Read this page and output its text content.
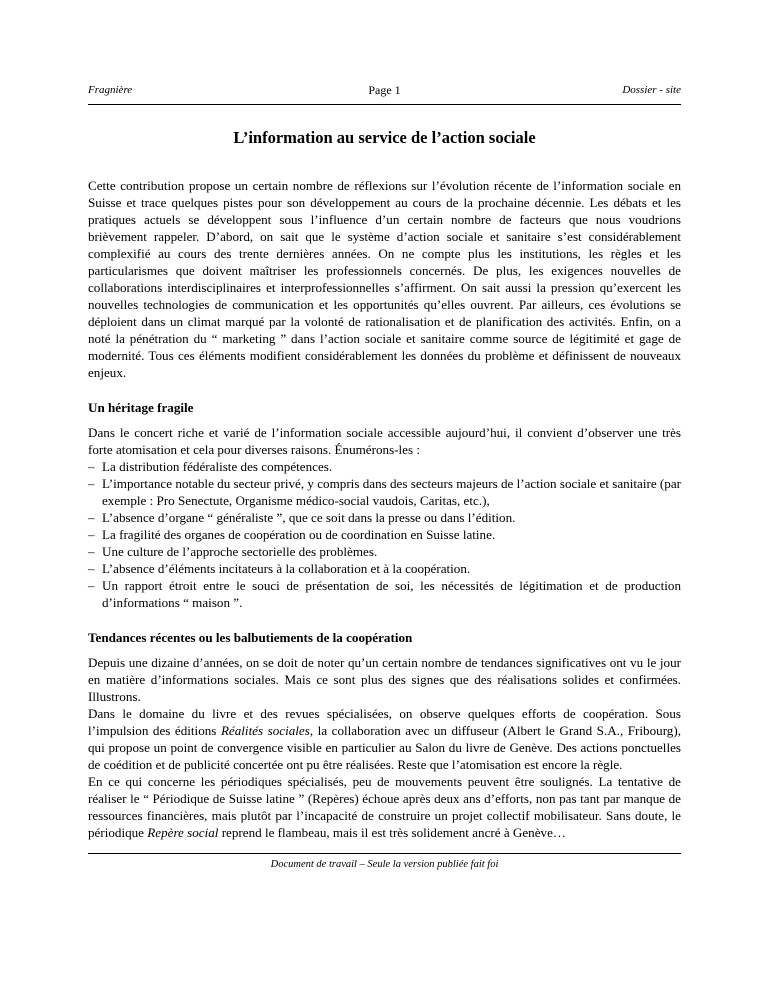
Fragnière	Page 1	Dossier - site
L’information au service de l’action sociale

Cette contribution propose un certain nombre de réflexions sur l’évolution récente de l’information sociale en Suisse et trace quelques pistes pour son développement au cours de la prochaine décennie. Les débats et les pratiques actuels se développent sous l’influence d’un certain nombre de facteurs que nous voudrions brièvement rappeler. D’abord, on sait que le système d’action sociale et sanitaire s’est considérablement complexifié au cours des trente dernières années. On ne compte plus les institutions, les règles et les particularismes que doivent maîtriser les professionnels concernés. De plus, les exigences nouvelles de collaborations interdisciplinaires et interprofessionnelles s’affirment. On sait aussi la pression qu’exercent les nouvelles technologies de communication et les opportunités qu’elles ouvrent. Par ailleurs, ces évolutions se déploient dans un climat marqué par la volonté de rationalisation et de planification des activités. Enfin, on a noté la pénétration du “ marketing ” dans l’action sociale et sanitaire comme source de légitimité et gage de modernité. Tous ces éléments modifient considérablement les données du problème et définissent de nouveaux enjeux.

Un héritage fragile

Dans le concert riche et varié de l’information sociale accessible aujourd’hui, il convient d’observer une très forte atomisation et cela pour diverses raisons. Énumérons-les :

– La distribution fédéraliste des compétences.
– L’importance notable du secteur privé, y compris dans des secteurs majeurs de l’action sociale et sanitaire (par exemple : Pro Senectute, Organisme médico-social vaudois, Caritas, etc.),
– L’absence d’organe “ généraliste ”, que ce soit dans la presse ou dans l’édition.
– La fragilité des organes de coopération ou de coordination en Suisse latine.
– Une culture de l’approche sectorielle des problèmes.
– L’absence d’éléments incitateurs à la collaboration et à la coopération.
– Un rapport étroit entre le souci de présentation de soi, les nécessités de légitimation et de production d’informations “ maison ”.

Tendances récentes ou les balbutiements de la coopération

Depuis une dizaine d’années, on se doit de noter qu’un certain nombre de tendances significatives ont vu le jour en matière d’informations sociales. Mais ce sont plus des signes que des réalisations solides et confirmées. Illustrons.

Dans le domaine du livre et des revues spécialisées, on observe quelques efforts de coopération. Sous l’impulsion des éditions Réalités sociales, la collaboration avec un diffuseur (Albert le Grand S.A., Fribourg), qui propose un point de convergence visible en particulier au Salon du livre de Genève. Des actions ponctuelles de coédition et de publicité concertée ont pu être réalisées. Reste que l’atomisation est encore la règle.

En ce qui concerne les périodiques spécialisés, peu de mouvements peuvent être soulignés. La tentative de réaliser le “ Périodique de Suisse latine ” (Repères) échoue après deux ans d’efforts, non pas tant par manque de ressources financières, mais plutôt par l’incapacité de construire un projet collectif mobilisateur. Sans doute, le périodique Repère social reprend le flambeau, mais il est très solidement ancré à Genève…

Document de travail – Seule la version publiée fait foi
